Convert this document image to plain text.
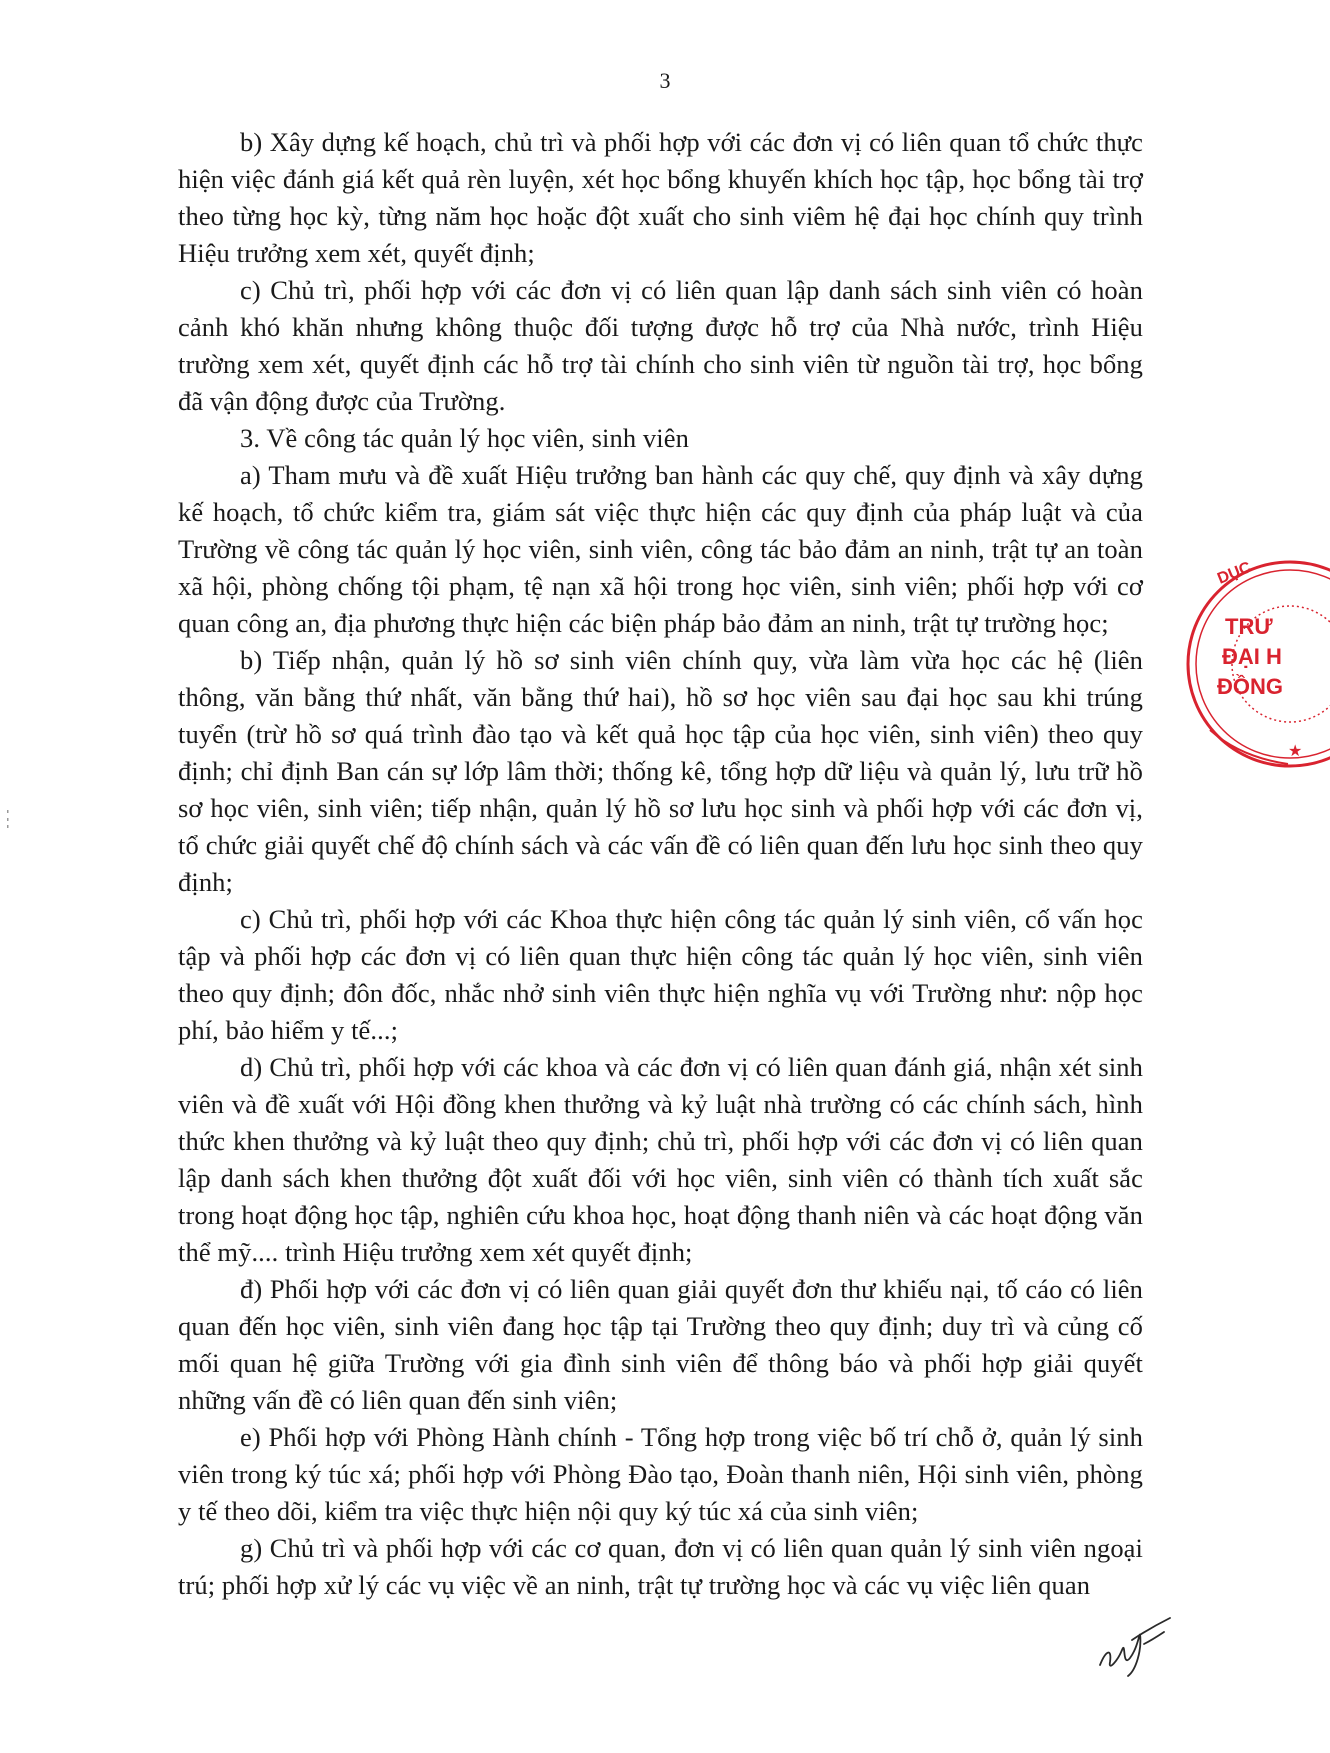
3

b) Xây dựng kế hoạch, chủ trì và phối hợp với các đơn vị có liên quan tổ chức thực hiện việc đánh giá kết quả rèn luyện, xét học bổng khuyến khích học tập, học bổng tài trợ theo từng học kỳ, từng năm học hoặc đột xuất cho sinh viêm hệ đại học chính quy trình Hiệu trưởng xem xét, quyết định;

c) Chủ trì, phối hợp với các đơn vị có liên quan lập danh sách sinh viên có hoàn cảnh khó khăn nhưng không thuộc đối tượng được hỗ trợ của Nhà nước, trình Hiệu trường xem xét, quyết định các hỗ trợ tài chính cho sinh viên từ nguồn tài trợ, học bổng đã vận động được của Trường.

3. Về công tác quản lý học viên, sinh viên

a) Tham mưu và đề xuất Hiệu trưởng ban hành các quy chế, quy định và xây dựng kế hoạch, tổ chức kiểm tra, giám sát việc thực hiện các quy định của pháp luật và của Trường về công tác quản lý học viên, sinh viên, công tác bảo đảm an ninh, trật tự an toàn xã hội, phòng chống tội phạm, tệ nạn xã hội trong học viên, sinh viên; phối hợp với cơ quan công an, địa phương thực hiện các biện pháp bảo đảm an ninh, trật tự trường học;

b) Tiếp nhận, quản lý hồ sơ sinh viên chính quy, vừa làm vừa học các hệ (liên thông, văn bằng thứ nhất, văn bằng thứ hai), hồ sơ học viên sau đại học sau khi trúng tuyển (trừ hồ sơ quá trình đào tạo và kết quả học tập của học viên, sinh viên) theo quy định; chỉ định Ban cán sự lớp lâm thời; thống kê, tổng hợp dữ liệu và quản lý, lưu trữ hồ sơ học viên, sinh viên; tiếp nhận, quản lý hồ sơ lưu học sinh và phối hợp với các đơn vị, tổ chức giải quyết chế độ chính sách và các vấn đề có liên quan đến lưu học sinh theo quy định;

c) Chủ trì, phối hợp với các Khoa thực hiện công tác quản lý sinh viên, cố vấn học tập và phối hợp các đơn vị có liên quan thực hiện công tác quản lý học viên, sinh viên theo quy định; đôn đốc, nhắc nhở sinh viên thực hiện nghĩa vụ với Trường như: nộp học phí, bảo hiểm y tế...;

d) Chủ trì, phối hợp với các khoa và các đơn vị có liên quan đánh giá, nhận xét sinh viên và đề xuất với Hội đồng khen thưởng và kỷ luật nhà trường có các chính sách, hình thức khen thưởng và kỷ luật theo quy định; chủ trì, phối hợp với các đơn vị có liên quan lập danh sách khen thưởng đột xuất đối với học viên, sinh viên có thành tích xuất sắc trong hoạt động học tập, nghiên cứu khoa học, hoạt động thanh niên và các hoạt động văn thể mỹ.... trình Hiệu trưởng xem xét quyết định;

đ) Phối hợp với các đơn vị có liên quan giải quyết đơn thư khiếu nại, tố cáo có liên quan đến học viên, sinh viên đang học tập tại Trường theo quy định; duy trì và củng cố mối quan hệ giữa Trường với gia đình sinh viên để thông báo và phối hợp giải quyết những vấn đề có liên quan đến sinh viên;

e) Phối hợp với Phòng Hành chính - Tổng hợp trong việc bố trí chỗ ở, quản lý sinh viên trong ký túc xá; phối hợp với Phòng Đào tạo, Đoàn thanh niên, Hội sinh viên, phòng y tế theo dõi, kiểm tra việc thực hiện nội quy ký túc xá của sinh viên;

g) Chủ trì và phối hợp với các cơ quan, đơn vị có liên quan quản lý sinh viên ngoại trú; phối hợp xử lý các vụ việc về an ninh, trật tự trường học và các vụ việc liên quan

DỤC
TRƯ
ĐẠI H
ĐỒNG
★
